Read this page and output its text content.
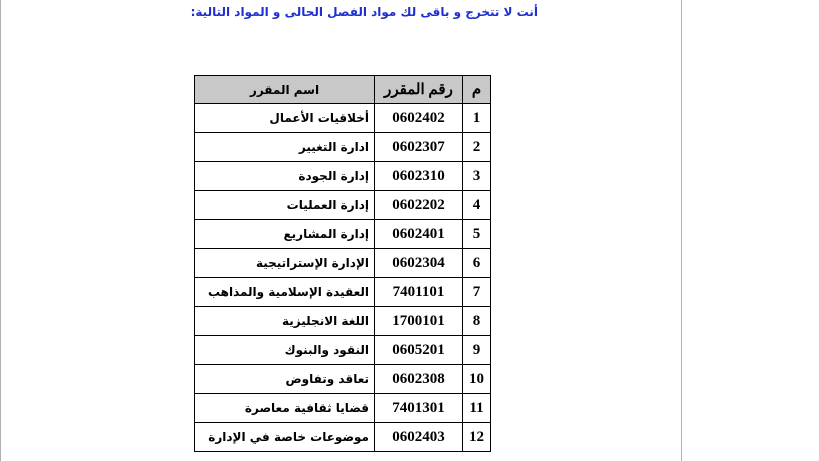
أنت لا تتخرج و باقى لك مواد الفصل الحالى و المواد التالية:
م	رقم المقرر	اسم المقرر
1	0602402	أخلاقيات الأعمال
2	0602307	ادارة التغيير
3	0602310	إدارة الجودة
4	0602202	إدارة العمليات
5	0602401	إدارة المشاريع
6	0602304	الإدارة الإستراتيجية
7	7401101	العقيدة الإسلامية والمذاهب
8	1700101	اللغة الانجليزية
9	0605201	النقود والبنوك
10	0602308	تعاقد وتفاوض
11	7401301	قضايا ثقافية معاصرة
12	0602403	موضوعات خاصة في الإدارة
